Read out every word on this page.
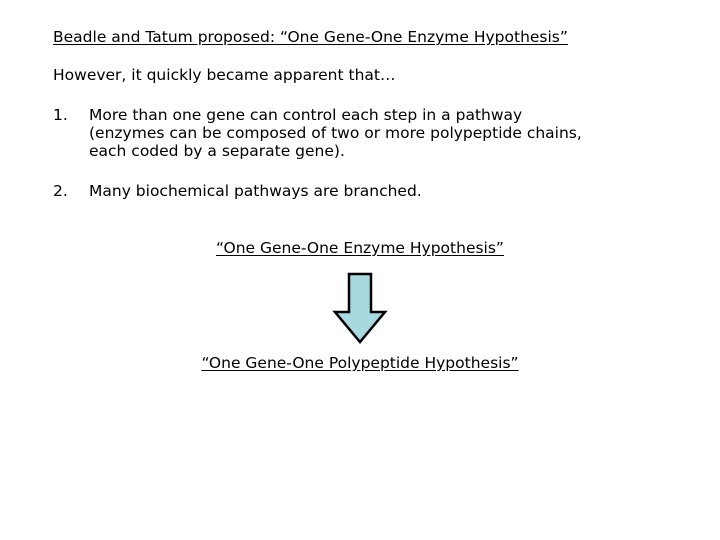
Beadle and Tatum proposed: “One Gene-One Enzyme Hypothesis”
However, it quickly became apparent that…
1. More than one gene can control each step in a pathway
(enzymes can be composed of two or more polypeptide chains,
each coded by a separate gene).
2. Many biochemical pathways are branched.
“One Gene-One Enzyme Hypothesis”
“One Gene-One Polypeptide Hypothesis”
